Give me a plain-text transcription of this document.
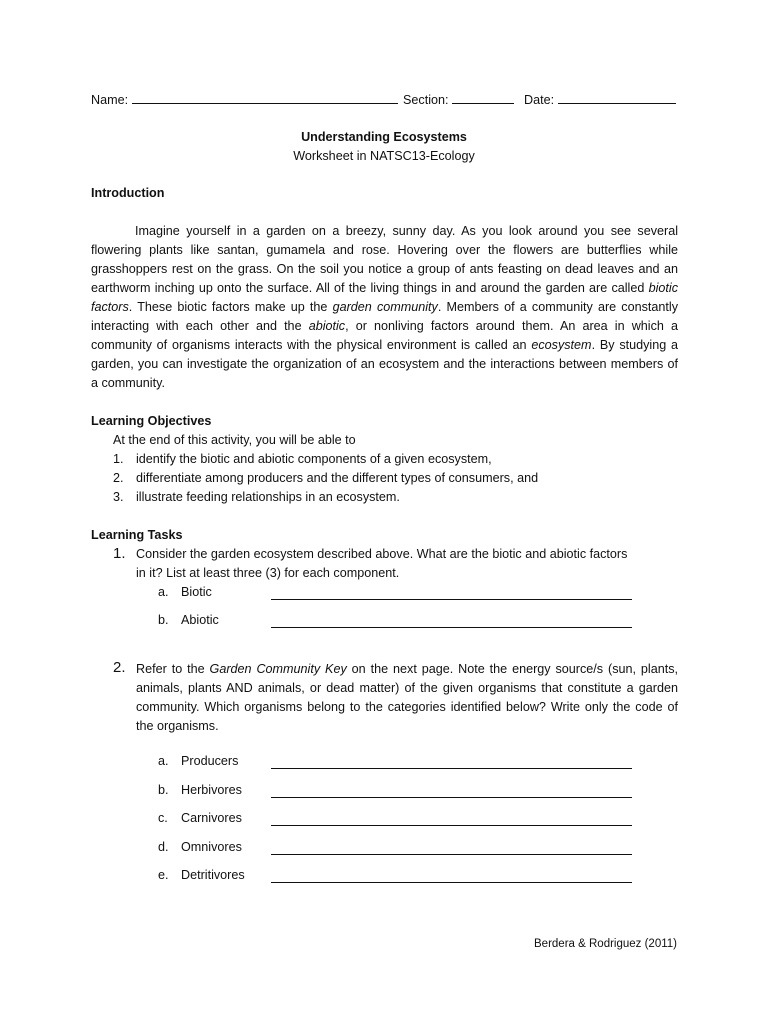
Name:	Section:	Date:
Understanding Ecosystems
Worksheet in NATSC13-Ecology
Introduction

Imagine yourself in a garden on a breezy, sunny day. As you look around you see several flowering plants like santan, gumamela and rose. Hovering over the flowers are butterflies while grasshoppers rest on the grass. On the soil you notice a group of ants feasting on dead leaves and an earthworm inching up onto the surface. All of the living things in and around the garden are called biotic factors. These biotic factors make up the garden community. Members of a community are constantly interacting with each other and the abiotic, or nonliving factors around them. An area in which a community of organisms interacts with the physical environment is called an ecosystem. By studying a garden, you can investigate the organization of an ecosystem and the interactions between members of a community.

Learning Objectives
At the end of this activity, you will be able to
1. identify the biotic and abiotic components of a given ecosystem,
2. differentiate among producers and the different types of consumers, and
3. illustrate feeding relationships in an ecosystem.
Learning Tasks
1. Consider the garden ecosystem described above. What are the biotic and abiotic factors
in it? List at least three (3) for each component.
a. Biotic
b. Abiotic
2. Refer to the Garden Community Key on the next page. Note the energy source/s (sun, plants, animals, plants AND animals, or dead matter) of the given organisms that constitute a garden community. Which organisms belong to the categories identified below? Write only the code of the organisms.

a. Producers
b. Herbivores
c. Carnivores
d. Omnivores
e. Detritivores
Berdera & Rodriguez (2011)
